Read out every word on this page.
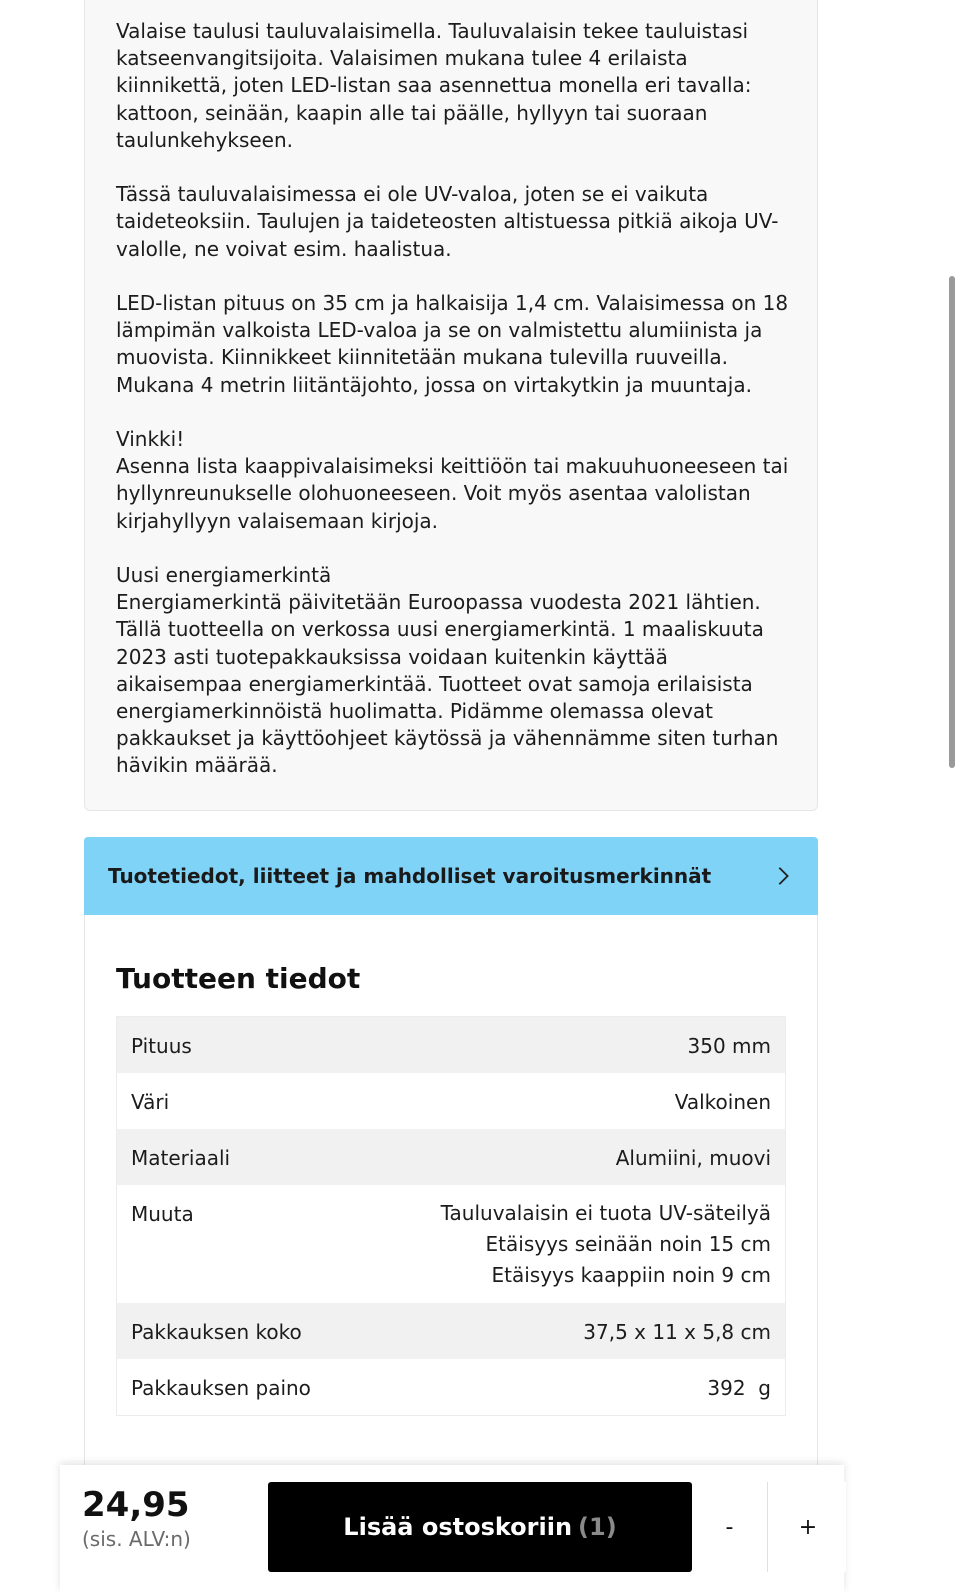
Valaise taulusi tauluvalaisimella. Tauluvalaisin tekee tauluistasi katseenvangitsijoita. Valaisimen mukana tulee 4 erilaista kiinnikettä, joten LED-listan saa asennettua monella eri tavalla: kattoon, seinään, kaapin alle tai päälle, hyllyyn tai suoraan taulunkehykseen.

Tässä tauluvalaisimessa ei ole UV-valoa, joten se ei vaikuta taideteoksiin. Taulujen ja taideteosten altistuessa pitkiä aikoja UV-valolle, ne voivat esim. haalistua.

LED-listan pituus on 35 cm ja halkaisija 1,4 cm. Valaisimessa on 18 lämpimän valkoista LED-valoa ja se on valmistettu alumiinista ja muovista. Kiinnikkeet kiinnitetään mukana tulevilla ruuveilla. Mukana 4 metrin liitäntäjohto, jossa on virtakytkin ja muuntaja.

Vinkki!
Asenna lista kaappivalaisimeksi keittiöön tai makuuhuoneeseen tai hyllynreunukselle olohuoneeseen. Voit myös asentaa valolistan kirjahyllyyn valaisemaan kirjoja.

Uusi energiamerkintä
Energiamerkintä päivitetään Euroopassa vuodesta 2021 lähtien. Tällä tuotteella on verkossa uusi energiamerkintä. 1 maaliskuuta 2023 asti tuotepakkauksissa voidaan kuitenkin käyttää aikaisempaa energiamerkintää. Tuotteet ovat samoja erilaisista energiamerkinnöistä huolimatta. Pidämme olemassa olevat pakkaukset ja käyttöohjeet käytössä ja vähennämme siten turhan hävikin määrää.

Tuotetiedot, liitteet ja mahdolliset varoitusmerkinnät
Tuotteen tiedot
Pituus	350 mm
Väri	Valkoinen
Materiaali	Alumiini, muovi
Muuta	Tauluvalaisin ei tuota UV-säteilyä
Etäisyys seinään noin 15 cm
Etäisyys kaappiin noin 9 cm
Pakkauksen koko	37,5 x 11 x 5,8 cm
Pakkauksen paino	392  g
24,95
(sis. ALV:n)	Lisää ostoskoriin (1)	-	+
